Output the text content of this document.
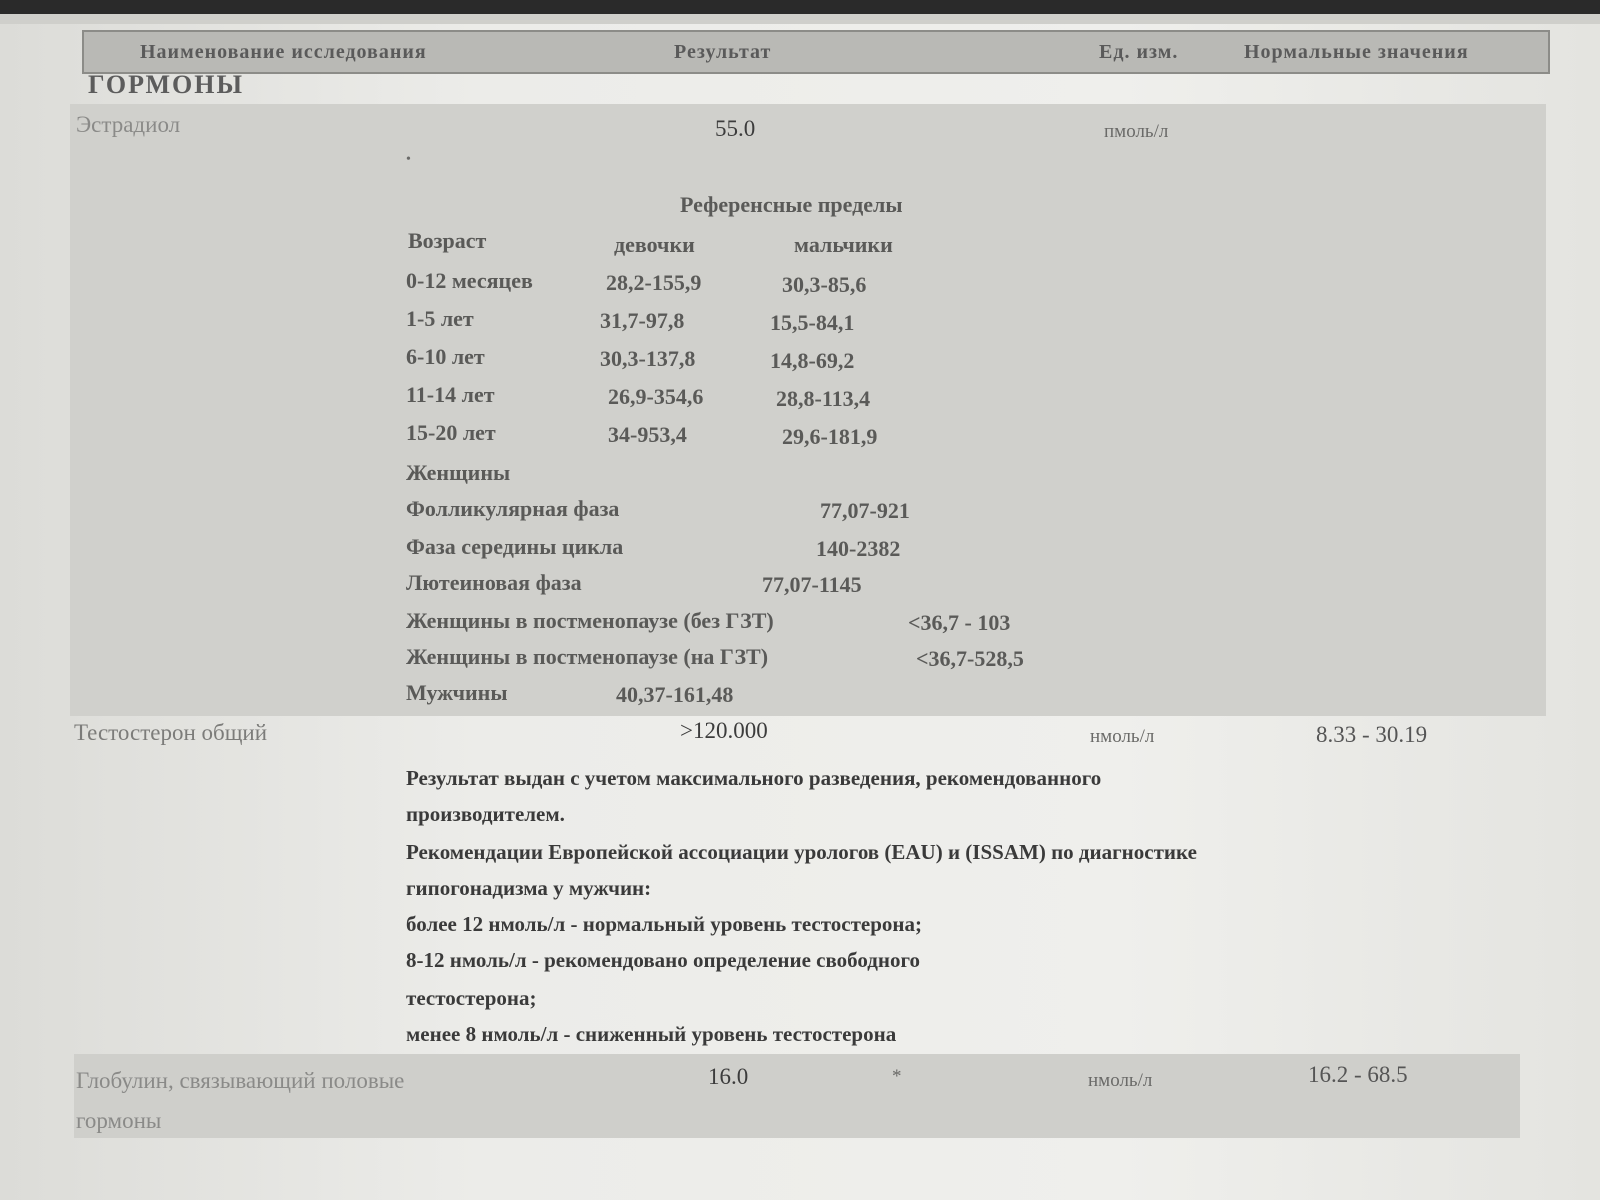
Наименование исследования	Результат	Ед. изм.	Нормальные значения
ГОРМОНЫ
Эстрадиол	55.0	пмоль/л
•
Референсные пределы
Возраст	девочки	мальчики
0-12 месяцев	28,2-155,9	30,3-85,6
1-5 лет	31,7-97,8	15,5-84,1
6-10 лет	30,3-137,8	14,8-69,2
11-14 лет	26,9-354,6	28,8-113,4
15-20 лет	34-953,4	29,6-181,9
Женщины
Фолликулярная фаза	77,07-921
Фаза середины цикла	140-2382
Лютеиновая фаза	77,07-1145
Женщины в постменопаузе (без ГЗТ)	<36,7 - 103
Женщины в постменопаузе (на ГЗТ)	<36,7-528,5
Мужчины	40,37-161,48
Тестостерон общий	>120.000	нмоль/л	8.33 - 30.19
Результат выдан с учетом максимального разведения, рекомендованного
производителем.
Рекомендации Европейской ассоциации урологов (EAU) и (ISSAM) по диагностике
гипогонадизма у мужчин:
более 12 нмоль/л - нормальный уровень тестостерона;
8-12 нмоль/л - рекомендовано определение свободного
тестостерона;
менее 8 нмоль/л - сниженный уровень тестостерона
Глобулин, связывающий половые
гормоны
16.0	*	нмоль/л	16.2 - 68.5
